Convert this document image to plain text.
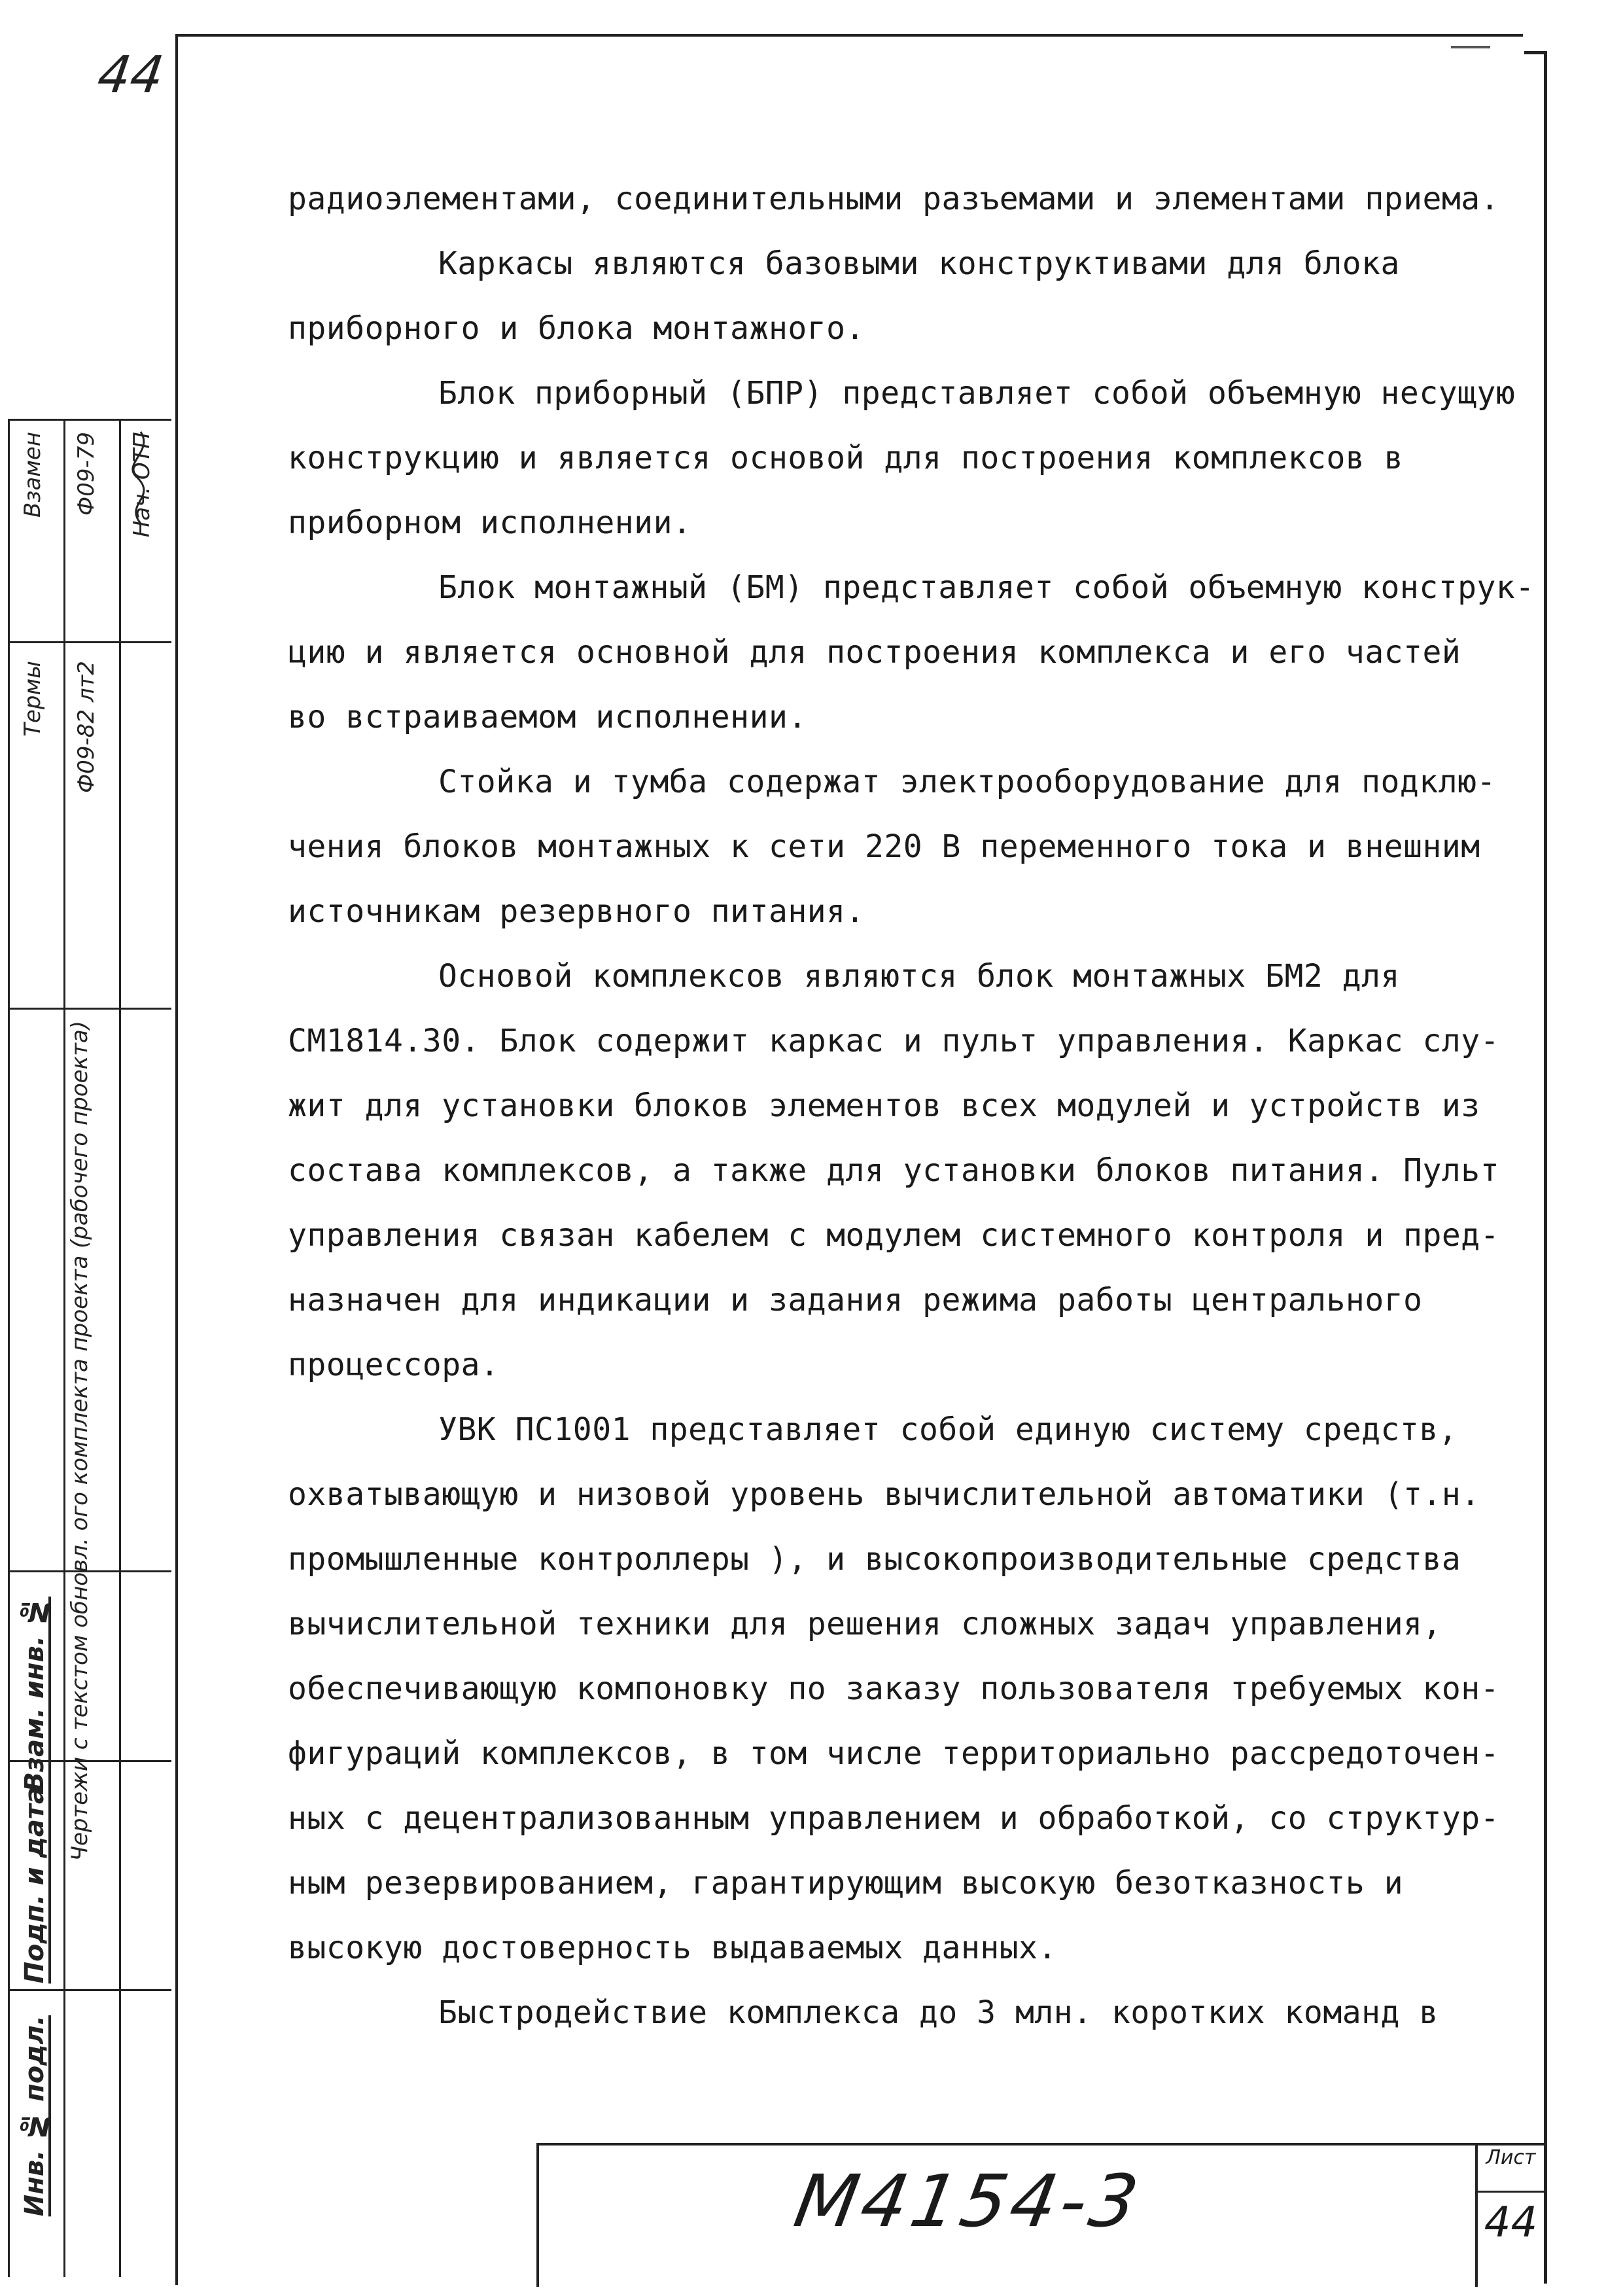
44
радиоэлементами, соединительными разъемами и элементами приема.
Каркасы являются базовыми конструктивами для блока
приборного и блока монтажного.
Блок приборный (БПР) представляет собой объемную несущую
конструкцию и является основой для построения комплексов в
приборном исполнении.
Блок монтажный (БМ) представляет собой объемную конструк-
цию и является основной для построения комплекса и его частей
во встраиваемом исполнении.
Стойка и тумба содержат электрооборудование для подклю-
чения блоков монтажных к сети 220 В переменного тока и внешним
источникам резервного питания.
Основой комплексов являются блок монтажных БМ2 для
СМ1814.30. Блок содержит каркас и пульт управления. Каркас слу-
жит для установки блоков элементов всех модулей и устройств из
состава комплексов, а также для установки блоков питания. Пульт
управления связан кабелем с модулем системного контроля и пред-
назначен для индикации и задания режима работы центрального
процессора.
УВК ПС1001 представляет собой единую систему средств,
охватывающую и низовой уровень вычислительной автоматики (т.н.
промышленные контроллеры ), и высокопроизводительные средства
вычислительной техники для решения сложных задач управления,
обеспечивающую компоновку по заказу пользователя требуемых кон-
фигураций комплексов, в том числе территориально рассредоточен-
ных с децентрализованным управлением и обработкой, со структур-
ным резервированием, гарантирующим высокую безотказность и
высокую достоверность выдаваемых данных.
Быстродействие комплекса до 3 млн. коротких команд в
Инв. № подл.
Подп. и дата
Взам. инв. № Чертежи с текстом обновл. ого комплекта проекта (рабочего проекта)
Термы Ф09-82 лт2
Взамен Ф09-79 Нач. ОТП
М4154-3
Лист
44
